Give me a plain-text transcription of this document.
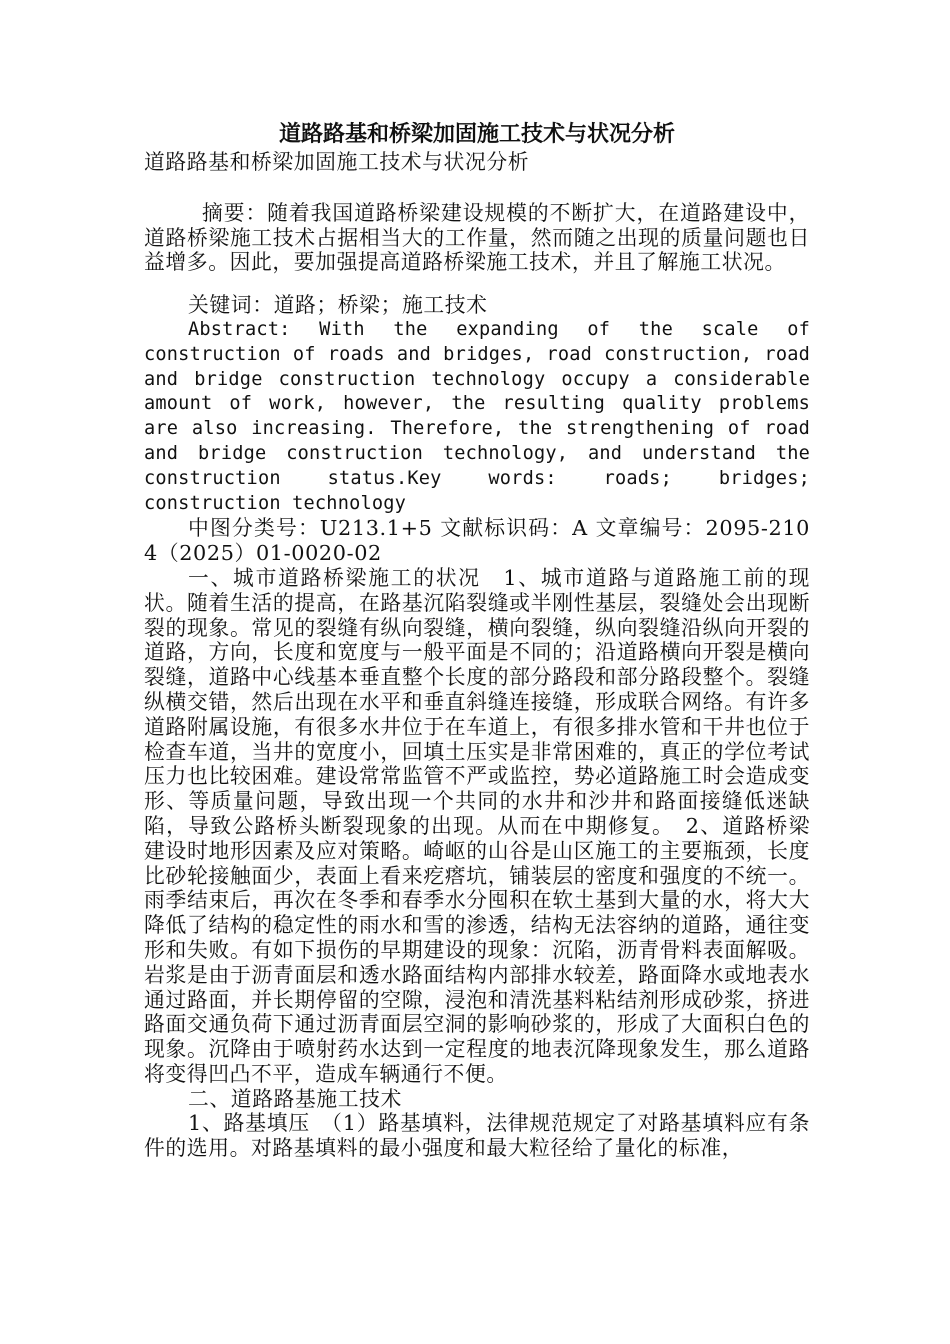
道路路基和桥梁加固施工技术与状况分析

道路路基和桥梁加固施工技术与状况分析

摘要：随着我国道路桥梁建设规模的不断扩大，在道路建设中，道路桥梁施工技术占据相当大的工作量，然而随之出现的质量问题也日益增多。因此，要加强提高道路桥梁施工技术，并且了解施工状况。

关键词：道路；桥梁；施工技术

Abstract: With the expanding of the scale of construction of roads and bridges, road construction, road and bridge construction technology occupy a considerable amount of work, however, the resulting quality problems are also increasing. Therefore, the strengthening of road and bridge construction technology, and understand the construction status.Key words: roads; bridges; construction technology

中图分类号：U213.1+5 文献标识码：A 文章编号：2095-2104（2025）01-0020-02

一、城市道路桥梁施工的状况　1、城市道路与道路施工前的现状。随着生活的提高，在路基沉陷裂缝或半刚性基层，裂缝处会出现断裂的现象。常见的裂缝有纵向裂缝，横向裂缝，纵向裂缝沿纵向开裂的道路，方向，长度和宽度与一般平面是不同的；沿道路横向开裂是横向裂缝，道路中心线基本垂直整个长度的部分路段和部分路段整个。裂缝纵横交错，然后出现在水平和垂直斜缝连接缝，形成联合网络。有许多道路附属设施，有很多水井位于在车道上，有很多排水管和干井也位于检查车道，当井的宽度小，回填土压实是非常困难的，真正的学位考试压力也比较困难。建设常常监管不严或监控，势必道路施工时会造成变形、等质量问题，导致出现一个共同的水井和沙井和路面接缝低迷缺陷，导致公路桥头断裂现象的出现。从而在中期修复。　2、道路桥梁建设时地形因素及应对策略。崎岖的山谷是山区施工的主要瓶颈，长度比砂轮接触面少，表面上看来疙瘩坑，铺装层的密度和强度的不统一。雨季结束后，再次在冬季和春季水分囤积在软土基到大量的水，将大大降低了结构的稳定性的雨水和雪的渗透，结构无法容纳的道路，通往变形和失败。有如下损伤的早期建设的现象：沉陷，沥青骨料表面解吸。岩浆是由于沥青面层和透水路面结构内部排水较差，路面降水或地表水通过路面，并长期停留的空隙，浸泡和清洗基料粘结剂形成砂浆，挤进路面交通负荷下通过沥青面层空洞的影响砂浆的，形成了大面积白色的现象。沉降由于喷射药水达到一定程度的地表沉降现象发生，那么道路将变得凹凸不平，造成车辆通行不便。

二、道路路基施工技术

1、路基填压　（1）路基填料，法律规范规定了对路基填料应有条件的选用。对路基填料的最小强度和最大粒径给了量化的标准，
